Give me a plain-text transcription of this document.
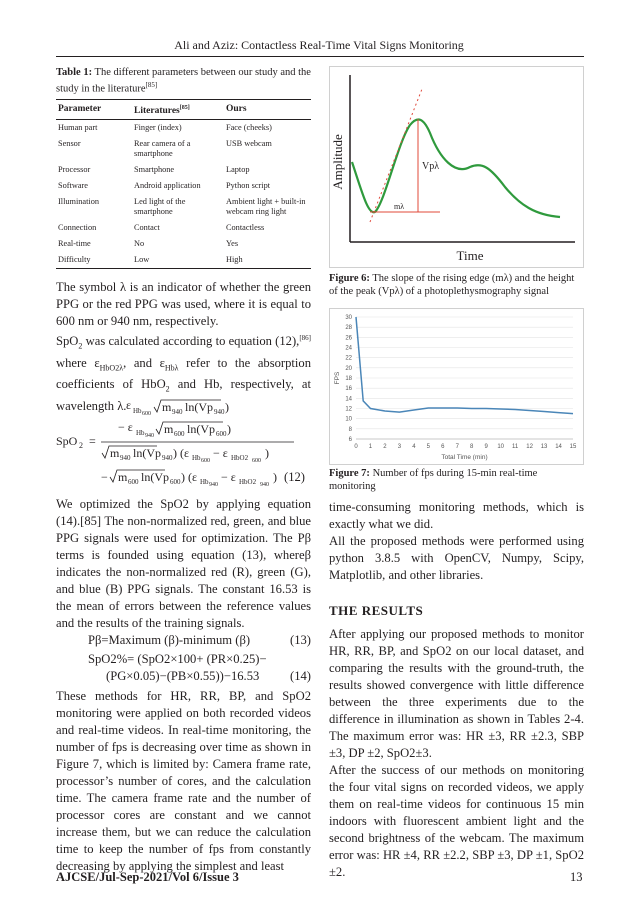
Ali and Aziz: Contactless Real-Time Vital Signs Monitoring
Table 1: The different parameters between our study and the study in the literature[85]
Parameter	Literatures[85]	Ours
Human part	Finger (index)	Face (cheeks)
Sensor	Rear camera of a smartphone	USB webcam
Processor	Smartphone	Laptop
Software	Android application	Python script
Illumination	Led light of the smartphone	Ambient light + built-in webcam ring light
Connection	Contact	Contactless
Real-time	No	Yes
Difficulty	Low	High

The symbol λ is an indicator of whether the green PPG or the red PPG was used, where it is equal to 600 nm or 940 nm, respectively.

SpO$_2$ was calculated according to equation (12),[86] where $\varepsilon_{HbO2\lambda}$, and $\varepsilon_{Hb\lambda}$ refer to the absorption coefficients of HbO$_2$ and Hb, respectively, at wavelength λ. ε Hb 600 m 940 ln(Vp 940 )
− ε Hb 940 m 600 ln(Vp 600 )
SpO 2 =
m 940 ln(Vp 940 ) (ε Hb 600
− ε HbO2 600
)
− m 600 ln(Vp 600 ) (ε Hb 940
− ε HbO2 940
) (12)

We optimized the SpO2 by applying equation (14).[85] The non-normalized red, green, and blue PPG signals were used for optimization. The Pβ terms is founded using equation (13), whereβ indicates the non-normalized red (R), green (G), and blue (B) PPG signals. The constant 16.53 is the mean of errors between the reference values and the results of the training signals.

Pβ=Maximum (β)-minimum (β)	(13)
SpO2%= (SpO2×100+ (PR×0.25)−
(PG×0.05)−(PB×0.55))−16.53 (14)

These methods for HR, RR, BP, and SpO2 monitoring were applied on both recorded videos and real-time videos. In real-time monitoring, the number of fps is decreasing over time as shown in Figure 7, which is limited by: Camera frame rate, processor’s number of cores, and the calculation time. The camera frame rate and the number of processor cores are constant and we cannot increase them, but we can reduce the calculation time to keep the number of fps from constantly decreasing by applying the simplest and least

Amplitude
Time
Vpλ
mλ
Figure 6: The slope of the rising edge (mλ) and the height of the peak (Vpλ) of a photoplethysmography signal
6
8
10
12
14
16
18
20
22
24
26
28
30
0 1 2 3 4 5 6 7 8 9 10 11 12 13 14 15
FPS
Total Time (min)
Figure 7: Number of fps during 15-min real-time monitoring

time-consuming monitoring methods, which is exactly what we did.

All the proposed methods were performed using python 3.8.5 with OpenCV, Numpy, Scipy, Matplotlib, and other libraries.

THE RESULTS

After applying our proposed methods to monitor HR, RR, BP, and SpO2 on our local dataset, and comparing the results with the ground-truth, the results showed convergence with little difference between the three experiments due to the difference in illumination as shown in Tables 2-4. The maximum error was: HR ±3, RR ±2.3, SBP ±3, DP ±2, SpO2±3.

After the success of our methods on monitoring the four vital signs on recorded videos, we apply them on real-time videos for continuous 15 min indoors with fluorescent ambient light and the second brightness of the webcam. The maximum error was: HR ±4, RR ±2.2, SBP ±3, DP ±1, SpO2 ±2.

AJCSE/Jul-Sep-2021/Vol 6/Issue 3	13
